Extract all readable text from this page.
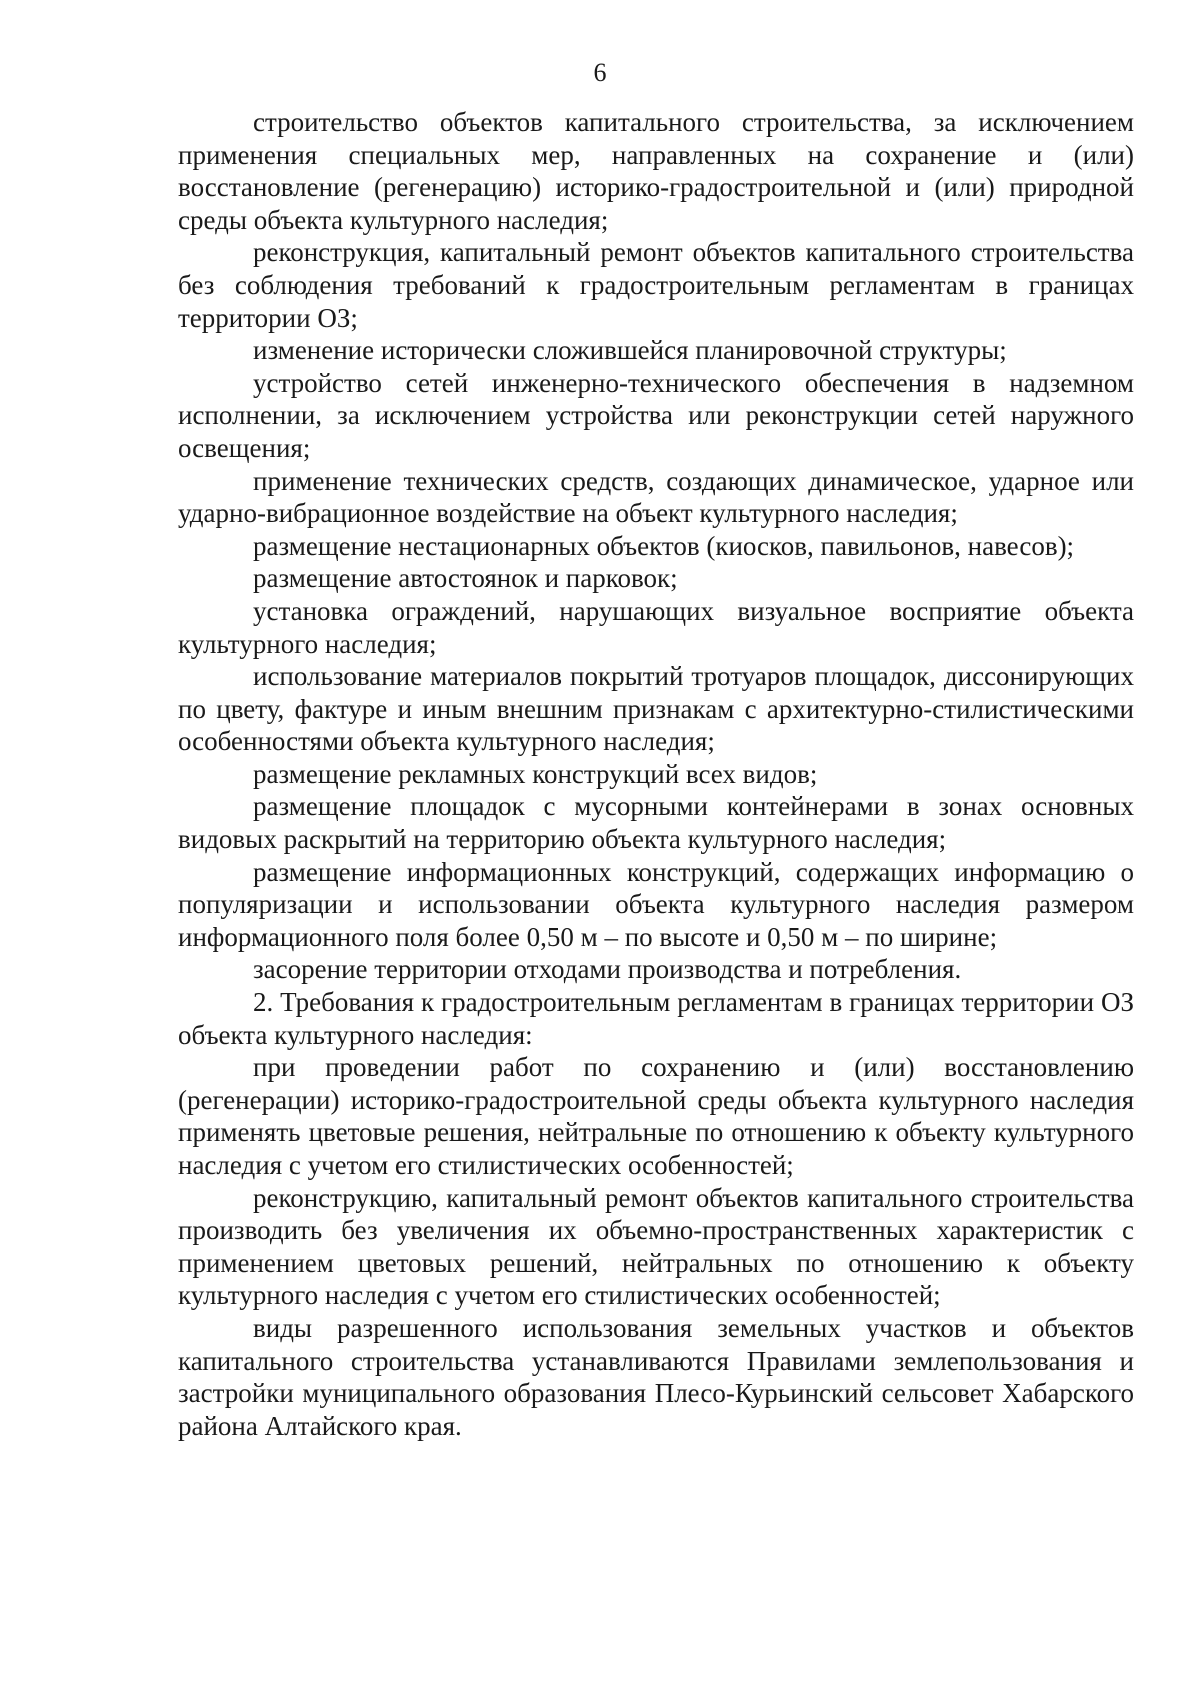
6

строительство объектов капитального строительства, за исключением применения специальных мер, направленных на сохранение и (или) восстановление (регенерацию) историко-градостроительной и (или) природной среды объекта культурного наследия;

реконструкция, капитальный ремонт объектов капитального строительства без соблюдения требований к градостроительным регламентам в границах территории ОЗ;

изменение исторически сложившейся планировочной структуры;

устройство сетей инженерно-технического обеспечения в надземном исполнении, за исключением устройства или реконструкции сетей наружного освещения;

применение технических средств, создающих динамическое, ударное или ударно-вибрационное воздействие на объект культурного наследия;

размещение нестационарных объектов (киосков, павильонов, навесов);

размещение автостоянок и парковок;

установка ограждений, нарушающих визуальное восприятие объекта культурного наследия;

использование материалов покрытий тротуаров площадок, диссонирующих по цвету, фактуре и иным внешним признакам с архитектурно-стилистическими особенностями объекта культурного наследия;

размещение рекламных конструкций всех видов;

размещение площадок с мусорными контейнерами в зонах основных видовых раскрытий на территорию объекта культурного наследия;

размещение информационных конструкций, содержащих информацию о популяризации и использовании объекта культурного наследия размером информационного поля более 0,50 м – по высоте и 0,50 м – по ширине;

засорение территории отходами производства и потребления.

2. Требования к градостроительным регламентам в границах территории ОЗ объекта культурного наследия:

при проведении работ по сохранению и (или) восстановлению (регенерации) историко-градостроительной среды объекта культурного наследия применять цветовые решения, нейтральные по отношению к объекту культурного наследия с учетом его стилистических особенностей;

реконструкцию, капитальный ремонт объектов капитального строительства производить без увеличения их объемно-пространственных характеристик с применением цветовых решений, нейтральных по отношению к объекту культурного наследия с учетом его стилистических особенностей;

виды разрешенного использования земельных участков и объектов капитального строительства устанавливаются Правилами землепользования и застройки муниципального образования Плесо-Курьинский сельсовет Хабарского района Алтайского края.
